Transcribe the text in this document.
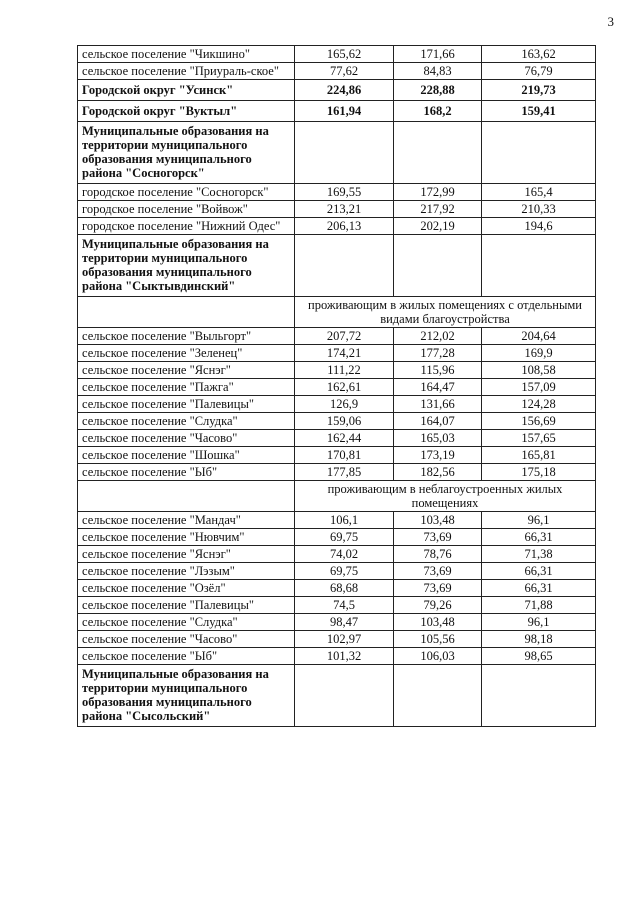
3
сельское поселение "Чикшино"	165,62	171,66	163,62
сельское поселение "Приураль-ское"	77,62	84,83	76,79
Городской округ "Усинск"	224,86	228,88	219,73
Городской округ "Вуктыл"	161,94	168,2	159,41
Муниципальные образования на территории муниципального образования муниципального района "Сосногорск"			
городское поселение "Сосногорск"	169,55	172,99	165,4
городское поселение "Войвож"	213,21	217,92	210,33
городское поселение "Нижний Одес"	206,13	202,19	194,6
Муниципальные образования на территории муниципального образования муниципального района "Сыктывдинский"			
	проживающим в жилых помещениях с отдельными видами благоустройства		
сельское поселение "Выльгорт"	207,72	212,02	204,64
сельское поселение "Зеленец"	174,21	177,28	169,9
сельское поселение "Яснэг"	111,22	115,96	108,58
сельское поселение "Пажга"	162,61	164,47	157,09
сельское поселение "Палевицы"	126,9	131,66	124,28
сельское поселение "Слудка"	159,06	164,07	156,69
сельское поселение "Часово"	162,44	165,03	157,65
сельское поселение "Шошка"	170,81	173,19	165,81
сельское поселение "Ыб"	177,85	182,56	175,18
	проживающим в неблагоустроенных жилых помещениях		
сельское поселение "Мандач"	106,1	103,48	96,1
сельское поселение "Нювчим"	69,75	73,69	66,31
сельское поселение "Яснэг"	74,02	78,76	71,38
сельское поселение "Лэзым"	69,75	73,69	66,31
сельское поселение "Озёл"	68,68	73,69	66,31
сельское поселение "Палевицы"	74,5	79,26	71,88
сельское поселение "Слудка"	98,47	103,48	96,1
сельское поселение "Часово"	102,97	105,56	98,18
сельское поселение "Ыб"	101,32	106,03	98,65
Муниципальные образования на территории муниципального образования муниципального района "Сысольский"			
